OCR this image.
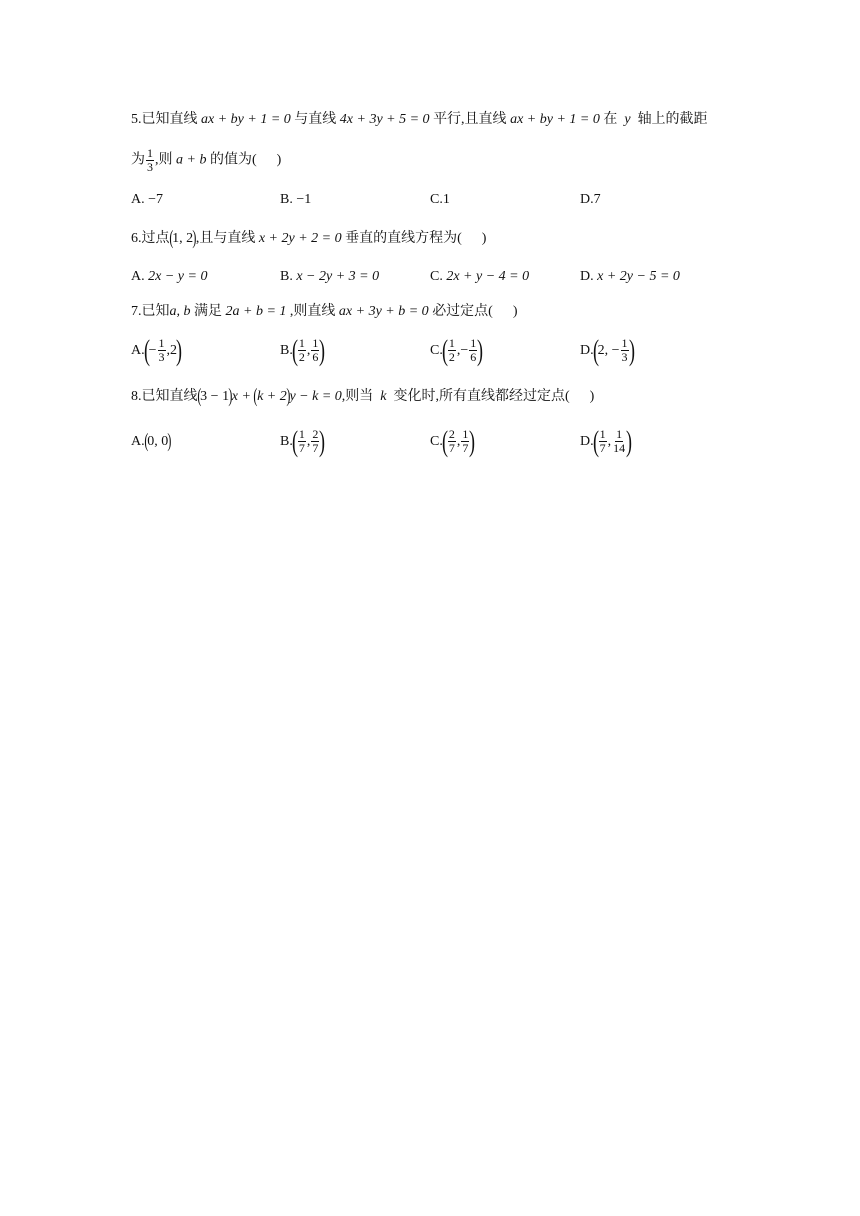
5.已知直线 ax + by + 1 = 0 与直线 4x + 3y + 5 = 0 平行,且直线 ax + by + 1 = 0 在 y 轴上的截距
为 $\frac{1}{3}$ ,则 a + b 的值为( )
A. −7	B. −1	C.1	D.7
6.过点(1, 2),且与直线 x + 2y + 2 = 0 垂直的直线方程为( )
A. 2x − y = 0	B. x − 2y + 3 = 0	C. 2x + y − 4 = 0	D. x + 2y − 5 = 0
7.已知a, b 满足 2a + b = 1 ,则直线 ax + 3y + b = 0 必过定点( )
$A.(- \frac{1}{3} ,2)$	$B.( \frac{1}{2}$ , $\frac{1}{6}$ )	$C.( \frac{1}{2}$ ,− $\frac{1}{6}$ )	D.(2, − $\frac{1}{3}$ )
8.已知直线(3 − 1)x + (k + 2)y − k = 0,则当 k 变化时,所有直线都经过定点( )
A.(0, 0)	$B.( \frac{1}{7}$ , $\frac{2}{7}$ )	$C.( \frac{2}{7}$ , $\frac{1}{7}$ )	$D.( \frac{1}{7}$ , $\frac{1}{14}$ )
